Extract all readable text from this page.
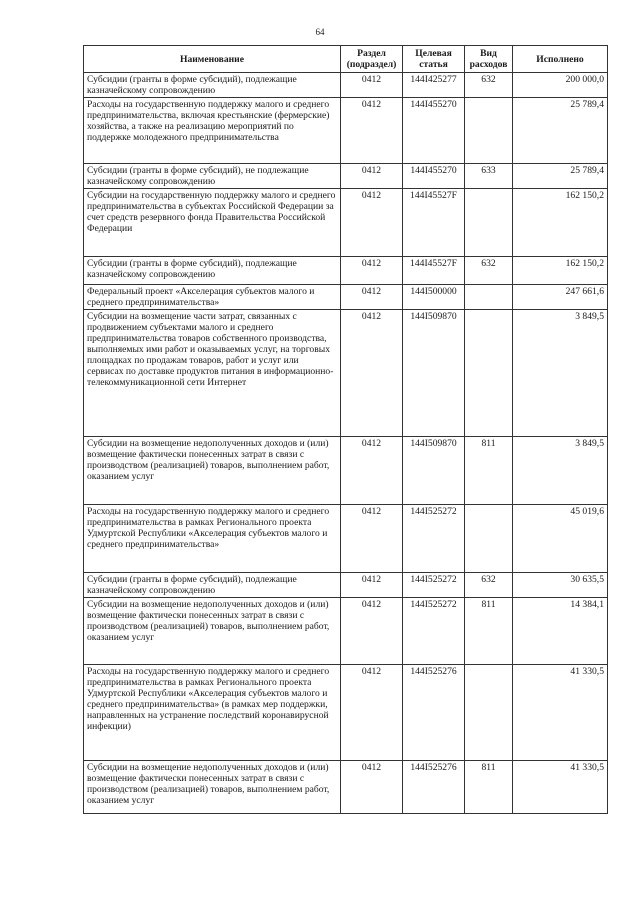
64
Наименование	Раздел (подраздел)	Целевая статья	Вид расходов	Исполнено
Субсидии (гранты в форме субсидий), подлежащие казначейскому сопровождению	0412	144I425277	632	200 000,0
Расходы на государственную поддержку малого и среднего предпринимательства, включая крестьянские (фермерские) хозяйства, а также на реализацию мероприятий по поддержке молодежного предпринимательства	0412	144I455270		25 789,4
Субсидии (гранты в форме субсидий), не подлежащие казначейскому сопровождению	0412	144I455270	633	25 789,4
Субсидии на государственную поддержку малого и среднего предпринимательства в субъектах Российской Федерации за счет средств резервного фонда Правительства Российской Федерации	0412	144I45527F		162 150,2
Субсидии (гранты в форме субсидий), подлежащие казначейскому сопровождению	0412	144I45527F	632	162 150,2
Федеральный проект «Акселерация субъектов малого и среднего предпринимательства»	0412	144I500000		247 661,6
Субсидии на возмещение части затрат, связанных с продвижением субъектами малого и среднего предпринимательства товаров собственного производства, выполняемых ими работ и оказываемых услуг, на торговых площадках по продажам товаров, работ и услуг или сервисах по доставке продуктов питания в информационно-телекоммуникационной сети Интернет	0412	144I509870		3 849,5
Субсидии на возмещение недополученных доходов и (или) возмещение фактически понесенных затрат в связи с производством (реализацией) товаров, выполнением работ, оказанием услуг	0412	144I509870	811	3 849,5
Расходы на государственную поддержку малого и среднего предпринимательства в рамках Регионального проекта Удмуртской Республики «Акселерация субъектов малого и среднего предпринимательства»	0412	144I525272		45 019,6
Субсидии (гранты в форме субсидий), подлежащие казначейскому сопровождению	0412	144I525272	632	30 635,5
Субсидии на возмещение недополученных доходов и (или) возмещение фактически понесенных затрат в связи с производством (реализацией) товаров, выполнением работ, оказанием услуг	0412	144I525272	811	14 384,1
Расходы на государственную поддержку малого и среднего предпринимательства в рамках Регионального проекта Удмуртской Республики «Акселерация субъектов малого и среднего предпринимательства» (в рамках мер поддержки, направленных на устранение последствий коронавирусной инфекции)	0412	144I525276		41 330,5
Субсидии на возмещение недополученных доходов и (или) возмещение фактически понесенных затрат в связи с производством (реализацией) товаров, выполнением работ, оказанием услуг	0412	144I525276	811	41 330,5
